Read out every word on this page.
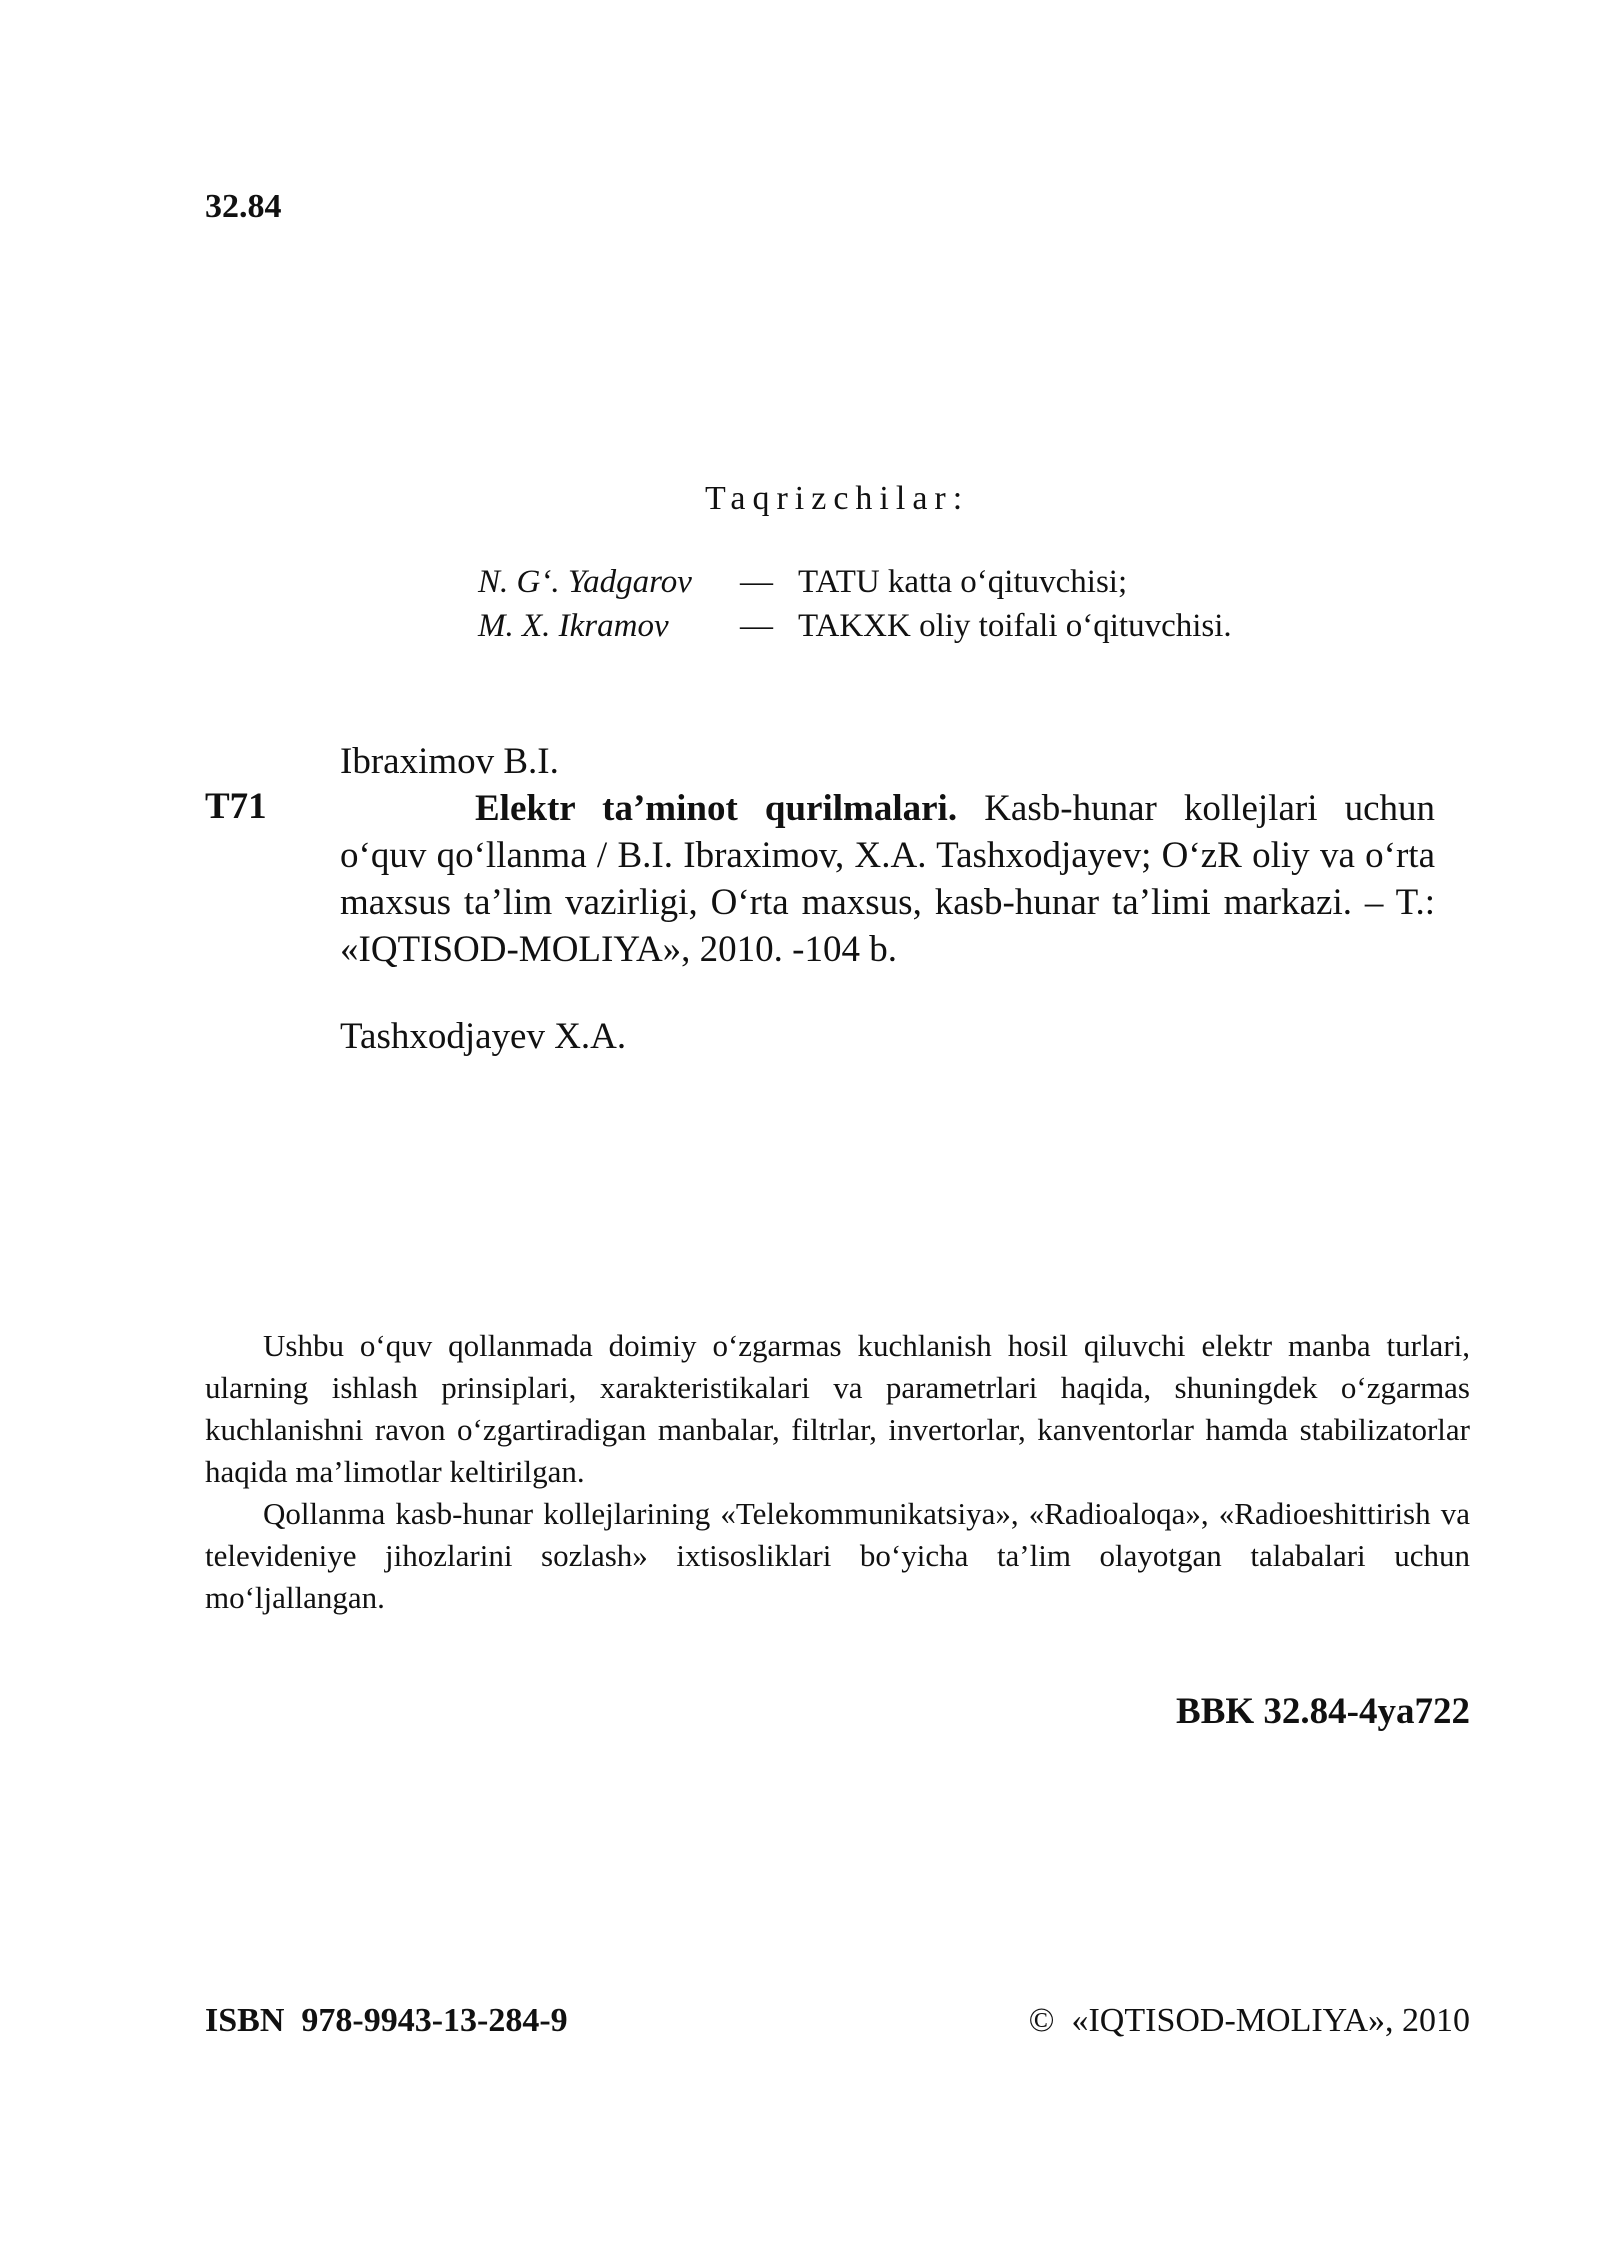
32.84
Taqrizchilar:
N. G‘. Yadgarov — TATU katta o‘qituvchisi;
M. X. Ikramov — TAKXK oliy toifali o‘qituvchisi.
Ibraximov B.I.
T71	Elektr ta’minot qurilmalari. Kasb-hunar kollejlari uchun o‘quv qo‘llanma / B.I. Ibraximov, X.A. Tashxodjayev; O‘zR oliy va o‘rta maxsus ta’lim vazirligi, O‘rta maxsus, kasb-hunar ta’limi markazi. – T.: «IQTISOD-MOLIYA», 2010. -104 b.
Tashxodjayev X.A.

Ushbu o‘quv qollanmada doimiy o‘zgarmas kuchlanish hosil qiluvchi elektr manba turlari, ularning ishlash prinsiplari, xarakteristikalari va parametrlari haqida, shuningdek o‘zgarmas kuchlanishni ravon o‘zgartiradigan manbalar, filtrlar, invertorlar, kanventorlar hamda stabilizatorlar haqida ma’limotlar keltirilgan.

Qollanma kasb-hunar kollejlarining «Telekommunikatsiya», «Radioaloqa», «Radioeshittirish va televideniye jihozlarini sozlash» ixtisosliklari bo‘yicha ta’lim olayotgan talabalari uchun mo‘ljallangan.

BBK 32.84-4ya722
ISBN  978-9943-13-284-9	©  «IQTISOD-MOLIYA», 2010
